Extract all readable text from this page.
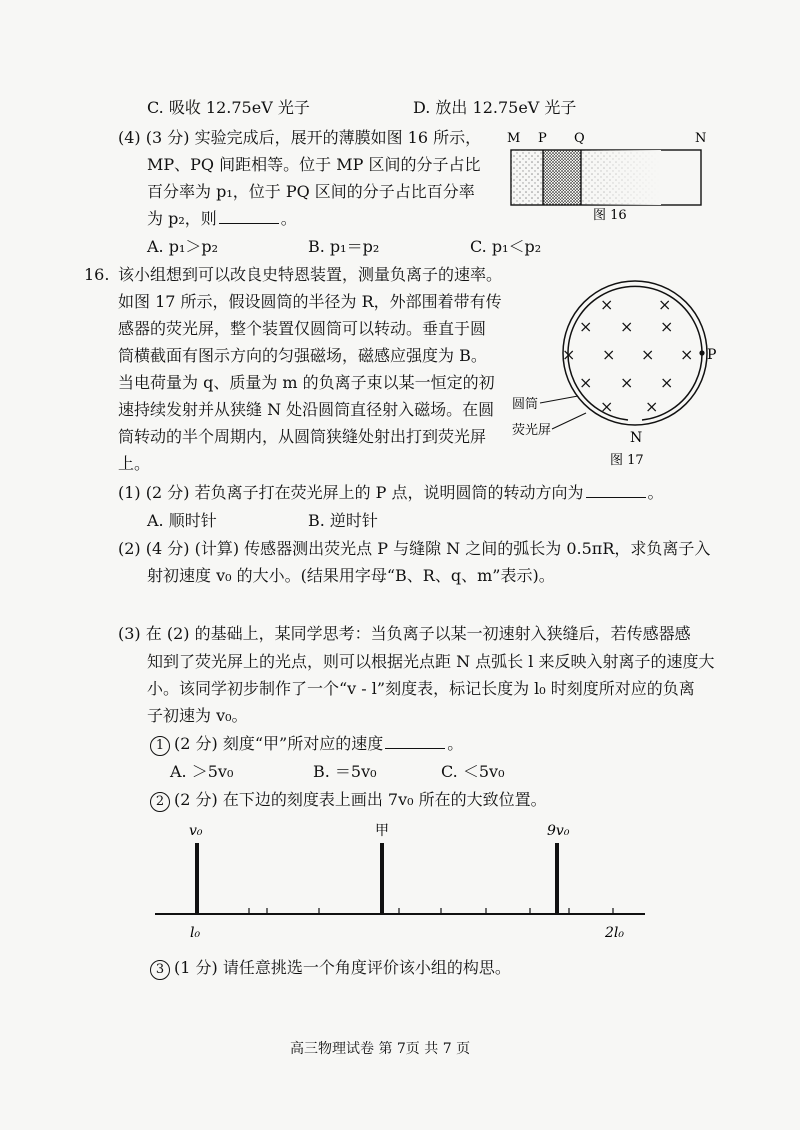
C. 吸收 12.75eV 光子	D. 放出 12.75eV 光子
(4) (3 分) 实验完成后，展开的薄膜如图 16 所示，
MP、PQ 间距相等。位于 MP 区间的分子占比
百分率为 p₁，位于 PQ 区间的分子占比百分率
为 p₂，则	。
A. p₁＞p₂	B. p₁＝p₂	C. p₁＜p₂
M P Q	N
图 16
16. 该小组想到可以改良史特恩装置，测量负离子的速率。
如图 17 所示，假设圆筒的半径为 R，外部围着带有传
感器的荧光屏，整个装置仅圆筒可以转动。垂直于圆
筒横截面有图示方向的匀强磁场，磁感应强度为 B。
当电荷量为 q、质量为 m 的负离子束以某一恒定的初
速持续发射并从狭缝 N 处沿圆筒直径射入磁场。在圆
筒转动的半个周期内，从圆筒狭缝处射出打到荧光屏
上。
×	×
× × ×
× × × ×
× × ×
× ×
P
N
圆筒
荧光屏
图 17
(1) (2 分) 若负离子打在荧光屏上的 P 点，说明圆筒的转动方向为	。
A. 顺时针	B. 逆时针
(2) (4 分) (计算) 传感器测出荧光点 P 与缝隙 N 之间的弧长为 0.5πR，求负离子入
射初速度 v₀ 的大小。(结果用字母“B、R、q、m”表示)。
(3) 在 (2) 的基础上，某同学思考：当负离子以某一初速射入狭缝后，若传感器感
知到了荧光屏上的光点，则可以根据光点距 N 点弧长 l 来反映入射离子的速度大
小。该同学初步制作了一个“v - l”刻度表，标记长度为 l₀ 时刻度所对应的负离
子初速为 v₀。
1 (2 分) 刻度“甲”所对应的速度	。
A. ＞5v₀	B. ＝5v₀	C. ＜5v₀
2 (2 分) 在下边的刻度表上画出 7v₀ 所在的大致位置。
v₀	甲	9v₀
l₀	2l₀
3 (1 分) 请任意挑选一个角度评价该小组的构思。
高三物理试卷 第 7页 共 7 页
